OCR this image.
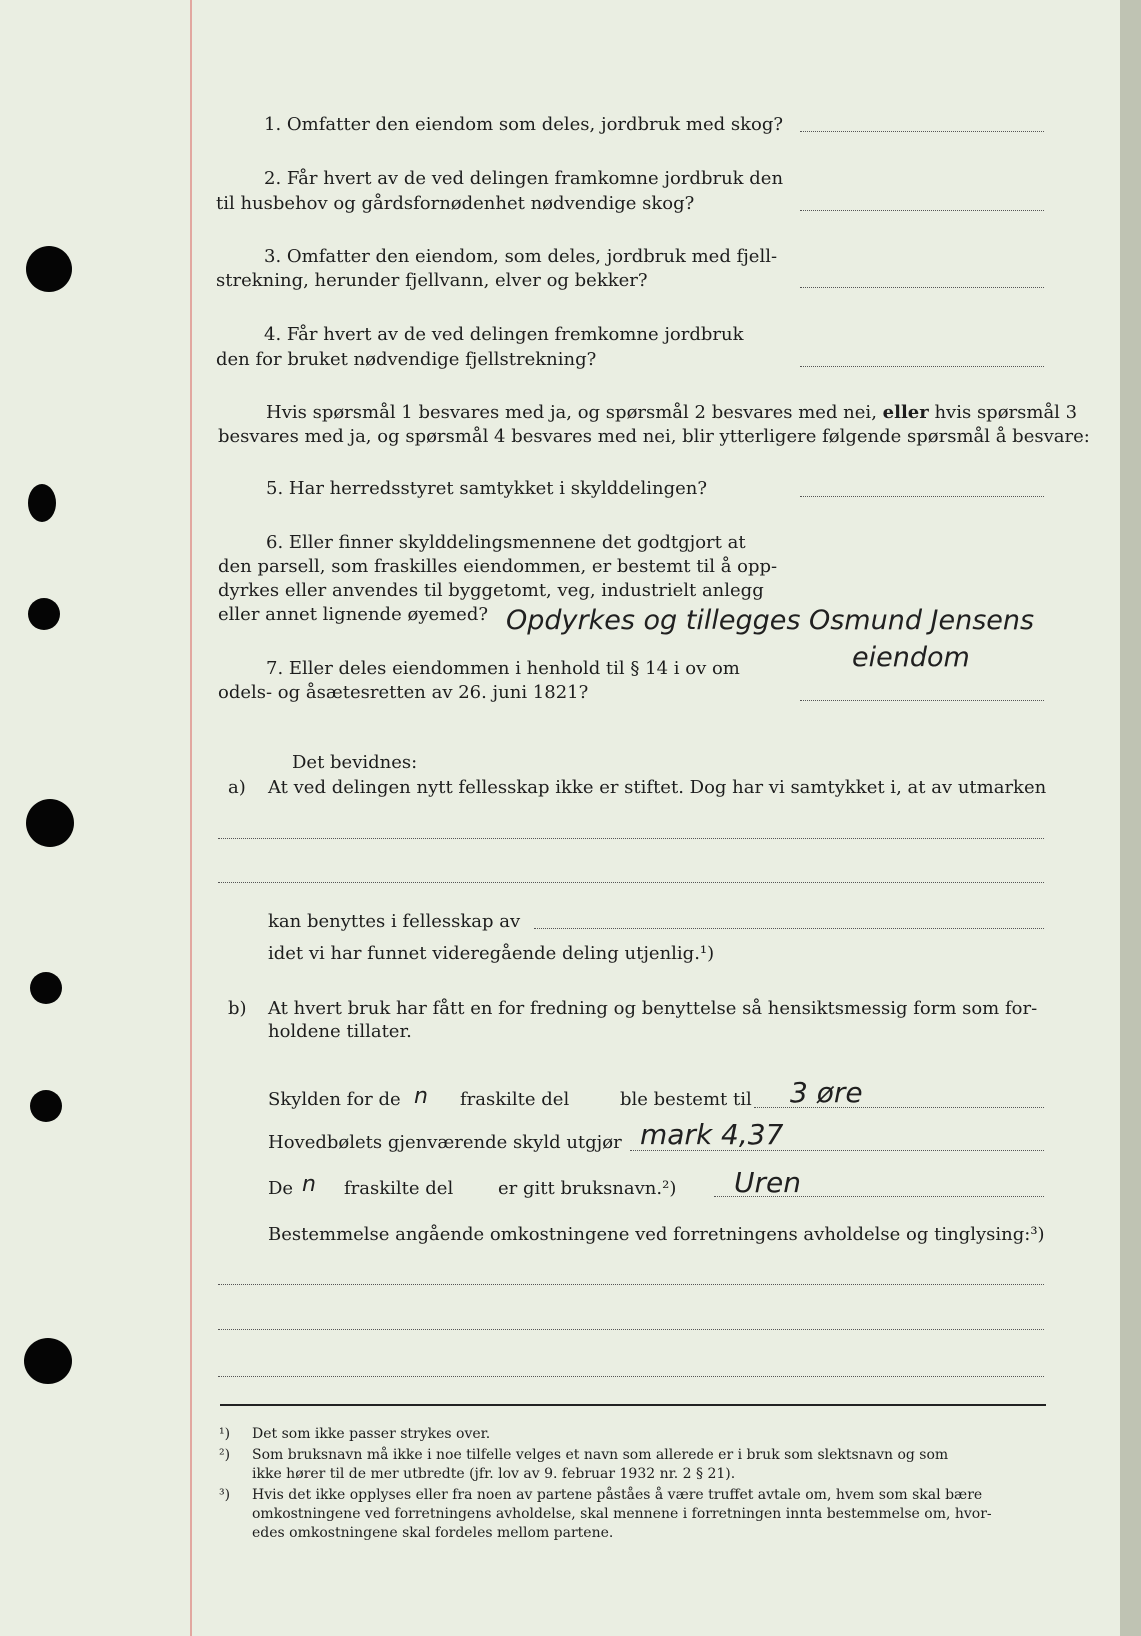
1. Omfatter den eiendom som deles, jordbruk med skog?
2. Får hvert av de ved delingen framkomne jordbruk den
til husbehov og gårdsfornødenhet nødvendige skog?
3. Omfatter den eiendom, som deles, jordbruk med fjell-
strekning, herunder fjellvann, elver og bekker?
4. Får hvert av de ved delingen fremkomne jordbruk
den for bruket nødvendige fjellstrekning?
Hvis spørsmål 1 besvares med ja, og spørsmål 2 besvares med nei, eller hvis spørsmål 3
besvares med ja, og spørsmål 4 besvares med nei, blir ytterligere følgende spørsmål å besvare:
5. Har herredsstyret samtykket i skylddelingen?
6. Eller finner skylddelingsmennene det godtgjort at
den parsell, som fraskilles eiendommen, er bestemt til å opp-
dyrkes eller anvendes til byggetomt, veg, industrielt anlegg
eller annet lignende øyemed? Opdyrkes og tillegges Osmund Jensens
eiendom
7. Eller deles eiendommen i henhold til § 14 i ov om
odels- og åsætesretten av 26. juni 1821?
Det bevidnes:
a) At ved delingen nytt fellesskap ikke er stiftet. Dog har vi samtykket i, at av utmarken
kan benyttes i fellesskap av
idet vi har funnet videregående deling utjenlig.¹)
b) At hvert bruk har fått en for fredning og benyttelse så hensiktsmessig form som for-
holdene tillater.
Skylden for de n fraskilte del	ble bestemt til 3 øre
Hovedbølets gjenværende skyld utgjør mark 4,37
De n fraskilte del er gitt bruksnavn.²) Uren
Bestemmelse angående omkostningene ved forretningens avholdelse og tinglysing:³)
¹) Det som ikke passer strykes over.
²) Som bruksnavn må ikke i noe tilfelle velges et navn som allerede er i bruk som slektsnavn og som
ikke hører til de mer utbredte (jfr. lov av 9. februar 1932 nr. 2 § 21).
³) Hvis det ikke opplyses eller fra noen av partene påståes å være truffet avtale om, hvem som skal bære
omkostningene ved forretningens avholdelse, skal mennene i forretningen innta bestemmelse om, hvor-
edes omkostningene skal fordeles mellom partene.
